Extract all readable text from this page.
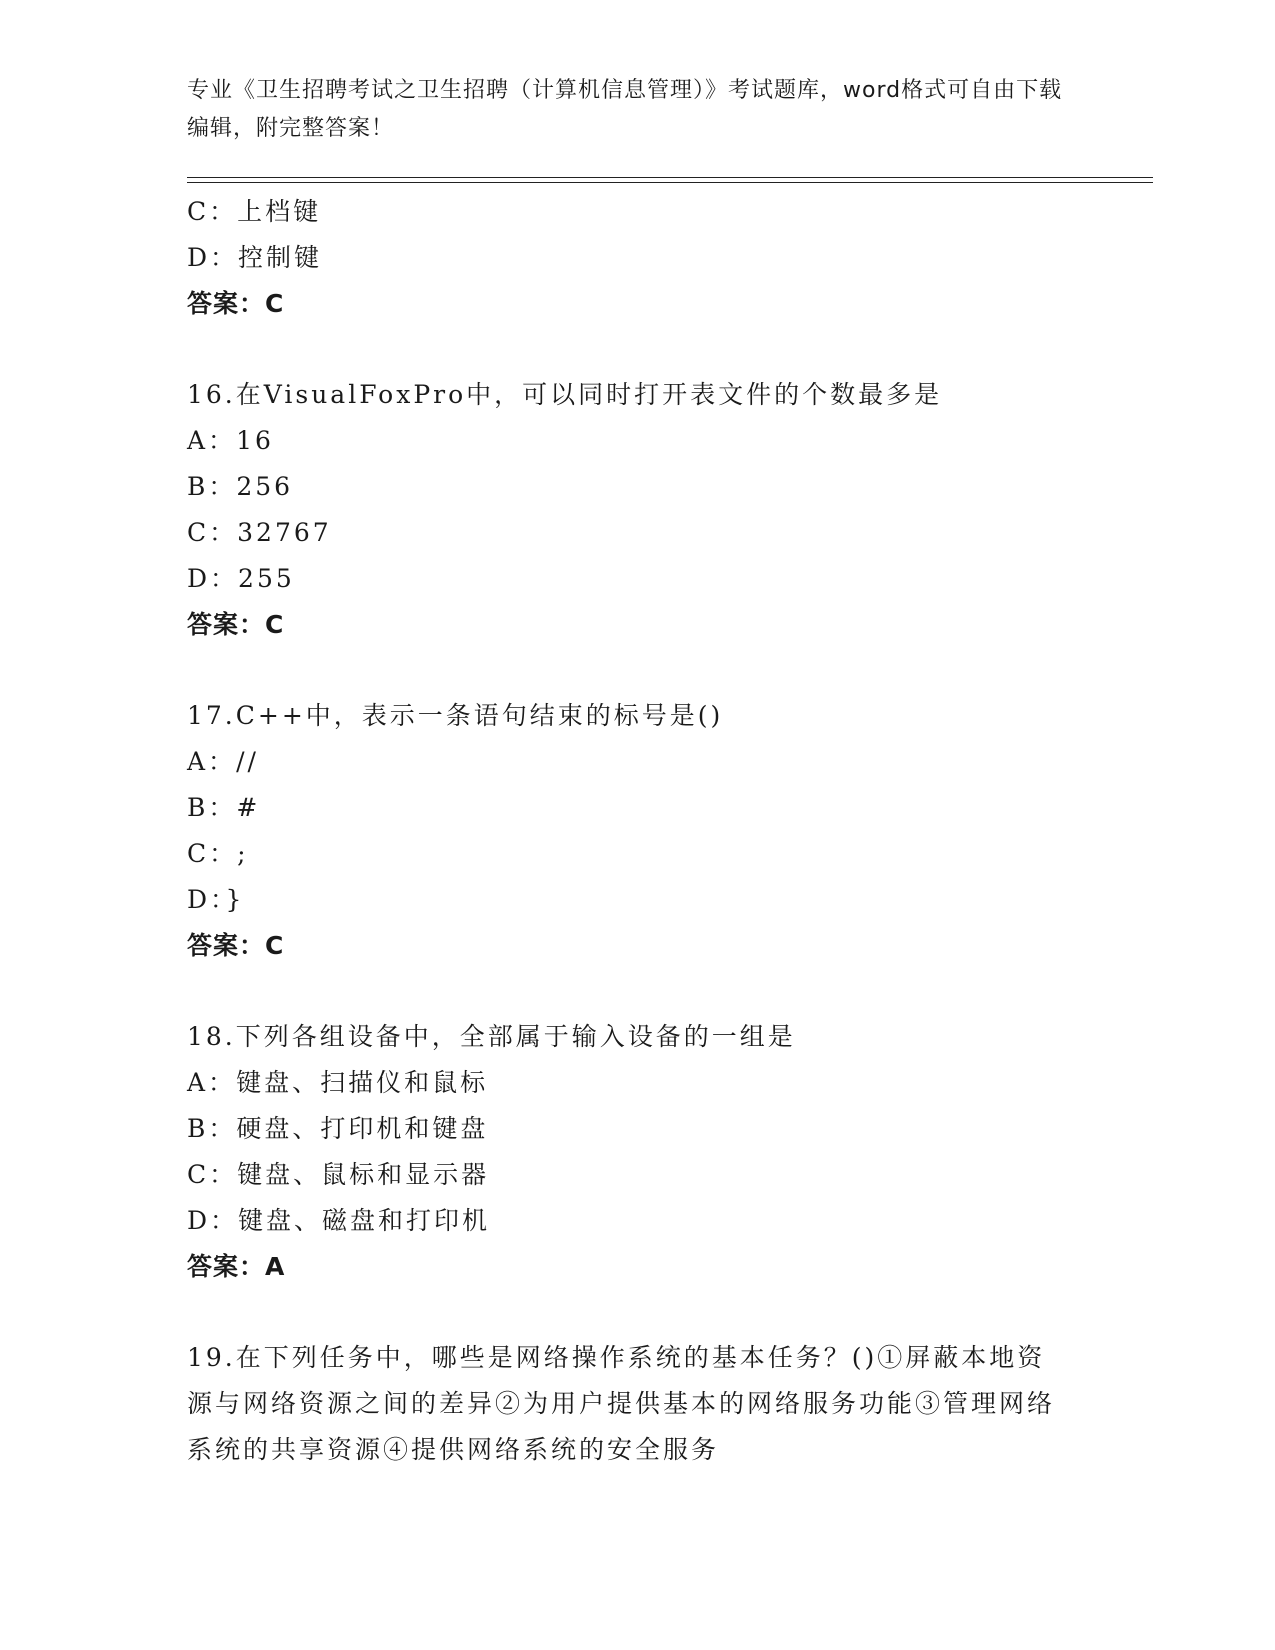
专业《卫生招聘考试之卫生招聘（计算机信息管理）》考试题库，word格式可自由下载编辑，附完整答案！
C：上档键
D：控制键
答案：C
16.在VisualFoxPro中，可以同时打开表文件的个数最多是
A：16
B：256
C：32767
D：255
答案：C
17.C++中，表示一条语句结束的标号是()
A：//
B：#
C：;
D：}
答案：C
18.下列各组设备中，全部属于输入设备的一组是
A：键盘、扫描仪和鼠标
B：硬盘、打印机和键盘
C：键盘、鼠标和显示器
D：键盘、磁盘和打印机
答案：A
19.在下列任务中，哪些是网络操作系统的基本任务？()①屏蔽本地资源与网络资源之间的差异②为用户提供基本的网络服务功能③管理网络系统的共享资源④提供网络系统的安全服务
